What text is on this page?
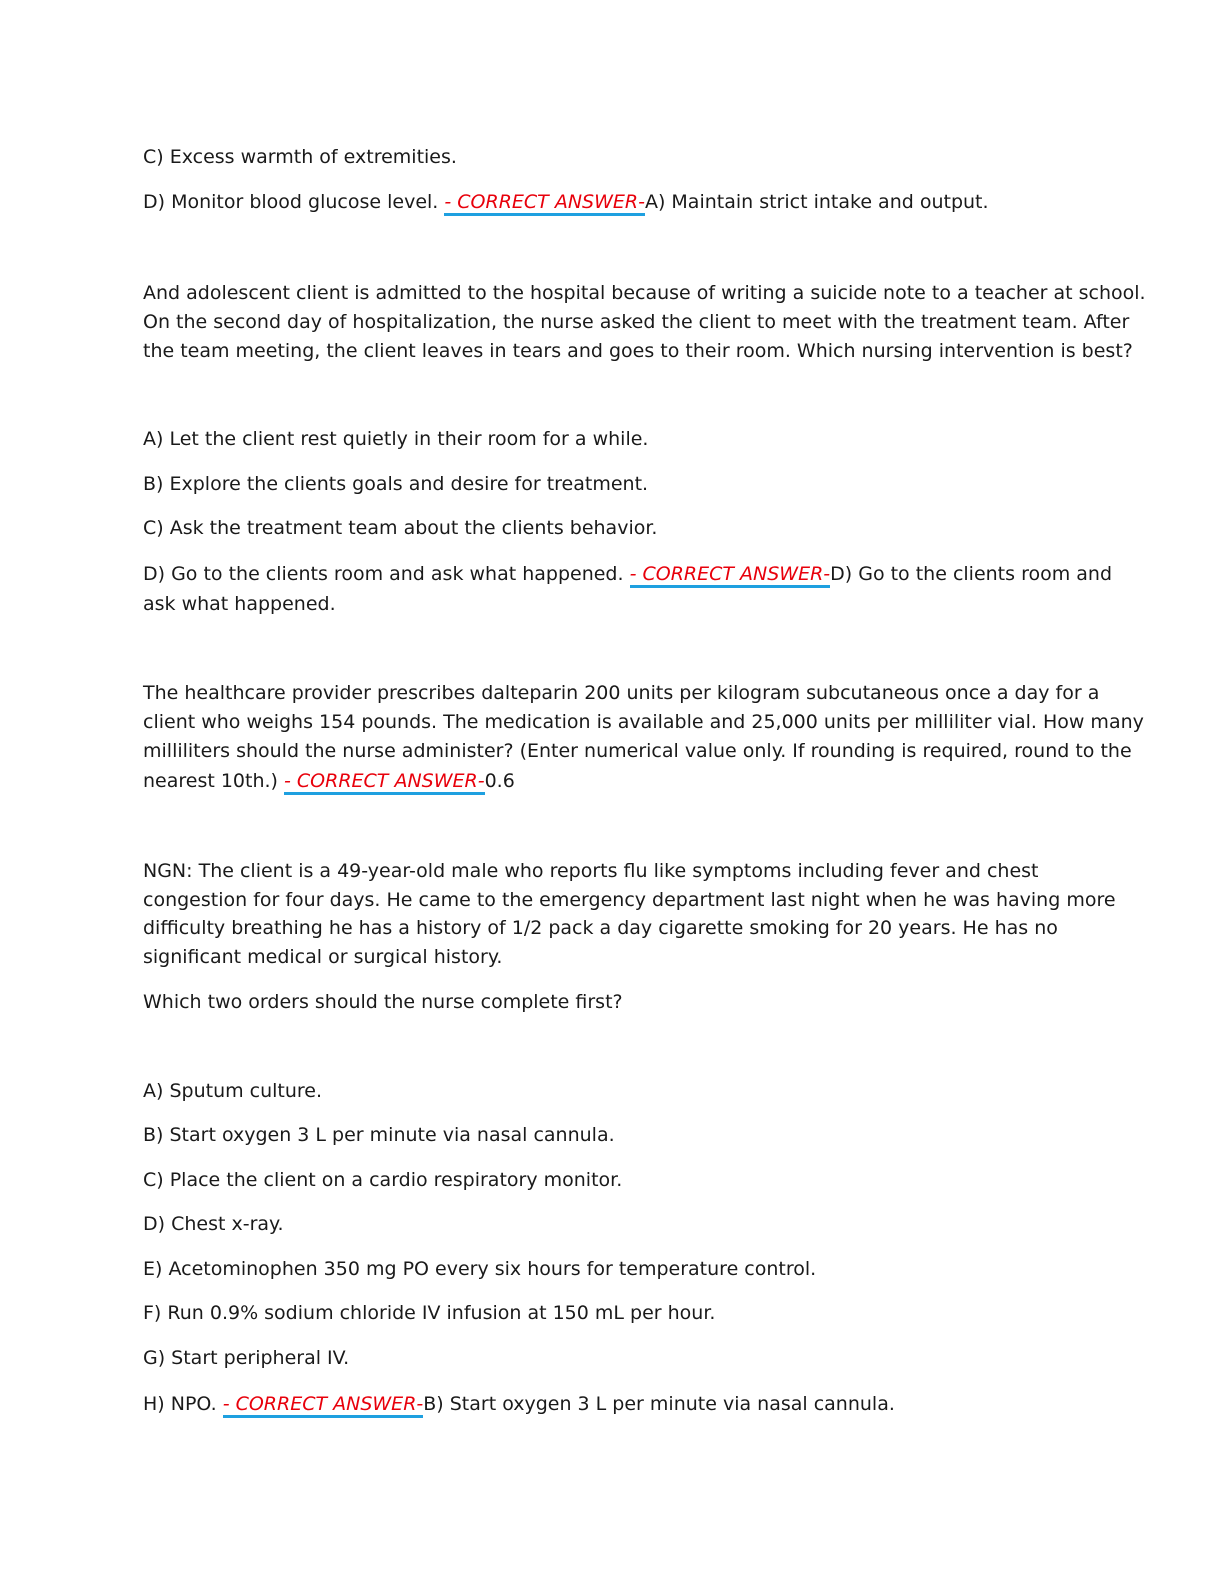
C) Excess warmth of extremities.
D) Monitor blood glucose level. - CORRECT ANSWER-A) Maintain strict intake and output.
And adolescent client is admitted to the hospital because of writing a suicide note to a teacher at school.
On the second day of hospitalization, the nurse asked the client to meet with the treatment team. After
the team meeting, the client leaves in tears and goes to their room. Which nursing intervention is best?
A) Let the client rest quietly in their room for a while.
B) Explore the clients goals and desire for treatment.
C) Ask the treatment team about the clients behavior.
D) Go to the clients room and ask what happened. - CORRECT ANSWER-D) Go to the clients room and
ask what happened.
The healthcare provider prescribes dalteparin 200 units per kilogram subcutaneous once a day for a
client who weighs 154 pounds. The medication is available and 25,000 units per milliliter vial. How many
milliliters should the nurse administer? (Enter numerical value only. If rounding is required, round to the
nearest 10th.) - CORRECT ANSWER-0.6
NGN: The client is a 49-year-old male who reports flu like symptoms including fever and chest
congestion for four days. He came to the emergency department last night when he was having more
difficulty breathing he has a history of 1/2 pack a day cigarette smoking for 20 years. He has no
significant medical or surgical history.
Which two orders should the nurse complete first?
A) Sputum culture.
B) Start oxygen 3 L per minute via nasal cannula.
C) Place the client on a cardio respiratory monitor.
D) Chest x-ray.
E) Acetominophen 350 mg PO every six hours for temperature control.
F) Run 0.9% sodium chloride IV infusion at 150 mL per hour.
G) Start peripheral IV.
H) NPO. - CORRECT ANSWER-B) Start oxygen 3 L per minute via nasal cannula.
